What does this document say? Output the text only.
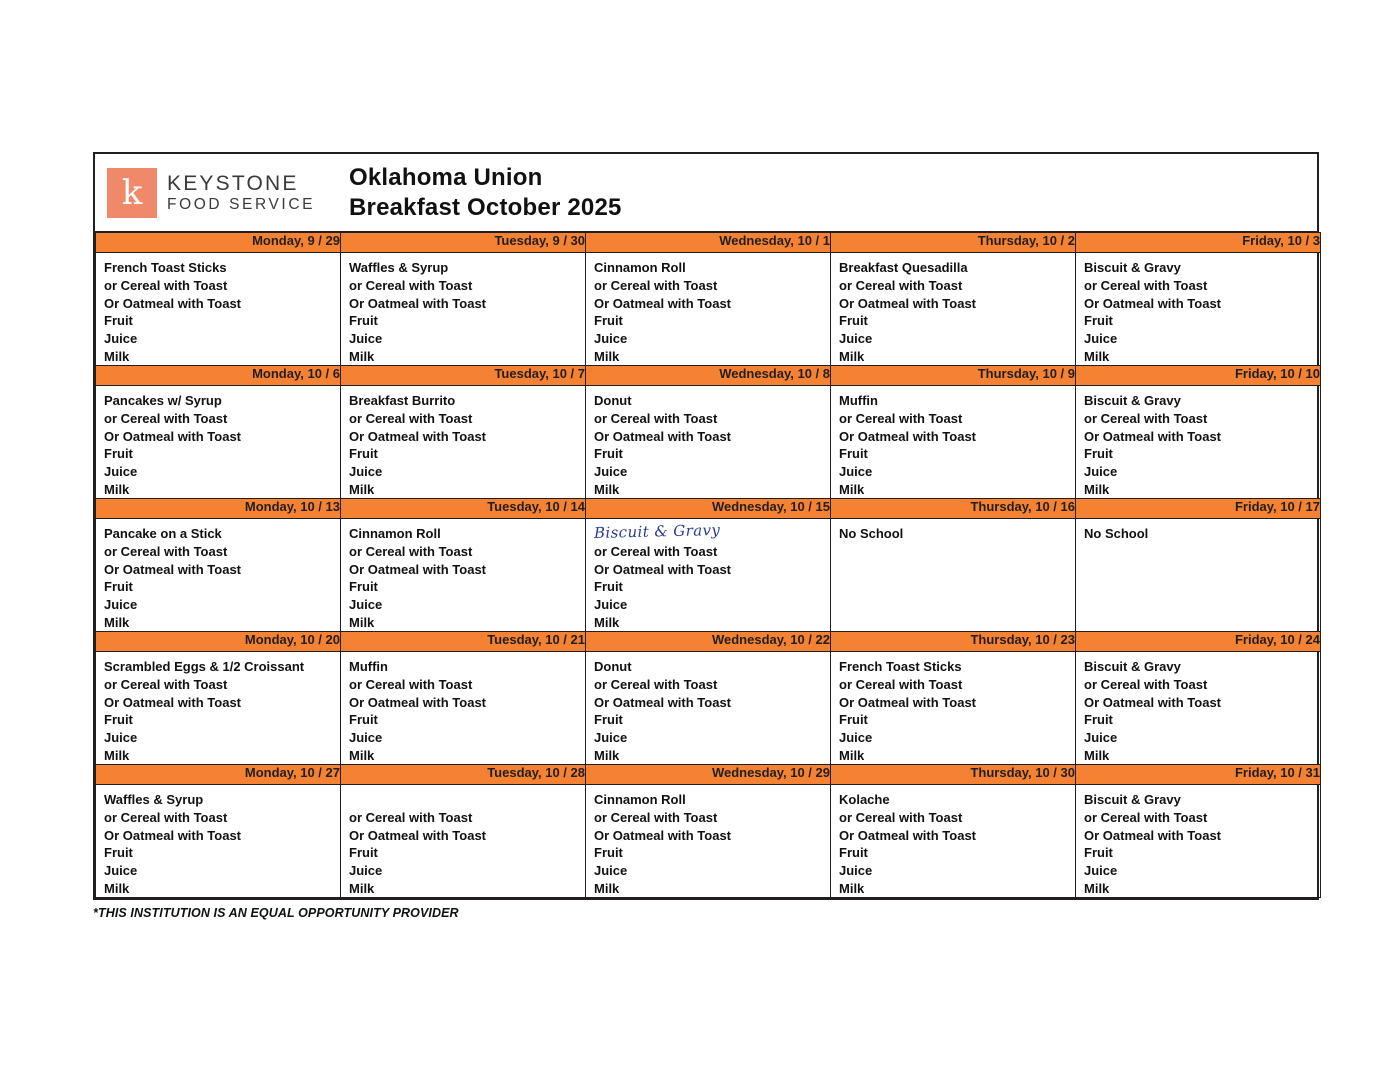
k	KEYSTONE
FOOD SERVICE
Oklahoma Union
Breakfast October 2025
Monday, 9 / 29	Tuesday, 9 / 30	Wednesday, 10 / 1	Thursday, 10 / 2	Friday, 10 / 3

French Toast Sticks
or Cereal with Toast
Or Oatmeal with Toast
Fruit
Juice
Milk

Waffles & Syrup
or Cereal with Toast
Or Oatmeal with Toast
Fruit
Juice
Milk

Cinnamon Roll
or Cereal with Toast
Or Oatmeal with Toast
Fruit
Juice
Milk

Breakfast Quesadilla
or Cereal with Toast
Or Oatmeal with Toast
Fruit
Juice
Milk

Biscuit & Gravy
or Cereal with Toast
Or Oatmeal with Toast
Fruit
Juice
Milk

Monday, 10 / 6	Tuesday, 10 / 7	Wednesday, 10 / 8	Thursday, 10 / 9	Friday, 10 / 10

Pancakes w/ Syrup
or Cereal with Toast
Or Oatmeal with Toast
Fruit
Juice
Milk

Breakfast Burrito
or Cereal with Toast
Or Oatmeal with Toast
Fruit
Juice
Milk

Donut
or Cereal with Toast
Or Oatmeal with Toast
Fruit
Juice
Milk

Muffin
or Cereal with Toast
Or Oatmeal with Toast
Fruit
Juice
Milk

Biscuit & Gravy
or Cereal with Toast
Or Oatmeal with Toast
Fruit
Juice
Milk

Monday, 10 / 13	Tuesday, 10 / 14	Wednesday, 10 / 15	Thursday, 10 / 16	Friday, 10 / 17

Pancake on a Stick
or Cereal with Toast
Or Oatmeal with Toast
Fruit
Juice
Milk

Cinnamon Roll
or Cereal with Toast
Or Oatmeal with Toast
Fruit
Juice
Milk

Biscuit & Gravy
or Cereal with Toast
Or Oatmeal with Toast
Fruit
Juice
Milk

No School	No School

Monday, 10 / 20	Tuesday, 10 / 21	Wednesday, 10 / 22	Thursday, 10 / 23	Friday, 10 / 24

Scrambled Eggs & 1/2 Croissant
or Cereal with Toast
Or Oatmeal with Toast
Fruit
Juice
Milk

Muffin
or Cereal with Toast
Or Oatmeal with Toast
Fruit
Juice
Milk

Donut
or Cereal with Toast
Or Oatmeal with Toast
Fruit
Juice
Milk

French Toast Sticks
or Cereal with Toast
Or Oatmeal with Toast
Fruit
Juice
Milk

Biscuit & Gravy
or Cereal with Toast
Or Oatmeal with Toast
Fruit
Juice
Milk

Monday, 10 / 27	Tuesday, 10 / 28	Wednesday, 10 / 29	Thursday, 10 / 30	Friday, 10 / 31

Waffles & Syrup
or Cereal with Toast
Or Oatmeal with Toast
Fruit
Juice
Milk

or Cereal with Toast
Or Oatmeal with Toast
Fruit
Juice
Milk

Cinnamon Roll
or Cereal with Toast
Or Oatmeal with Toast
Fruit
Juice
Milk

Kolache
or Cereal with Toast
Or Oatmeal with Toast
Fruit
Juice
Milk

Biscuit & Gravy
or Cereal with Toast
Or Oatmeal with Toast
Fruit
Juice
Milk
*THIS INSTITUTION IS AN EQUAL OPPORTUNITY PROVIDER
